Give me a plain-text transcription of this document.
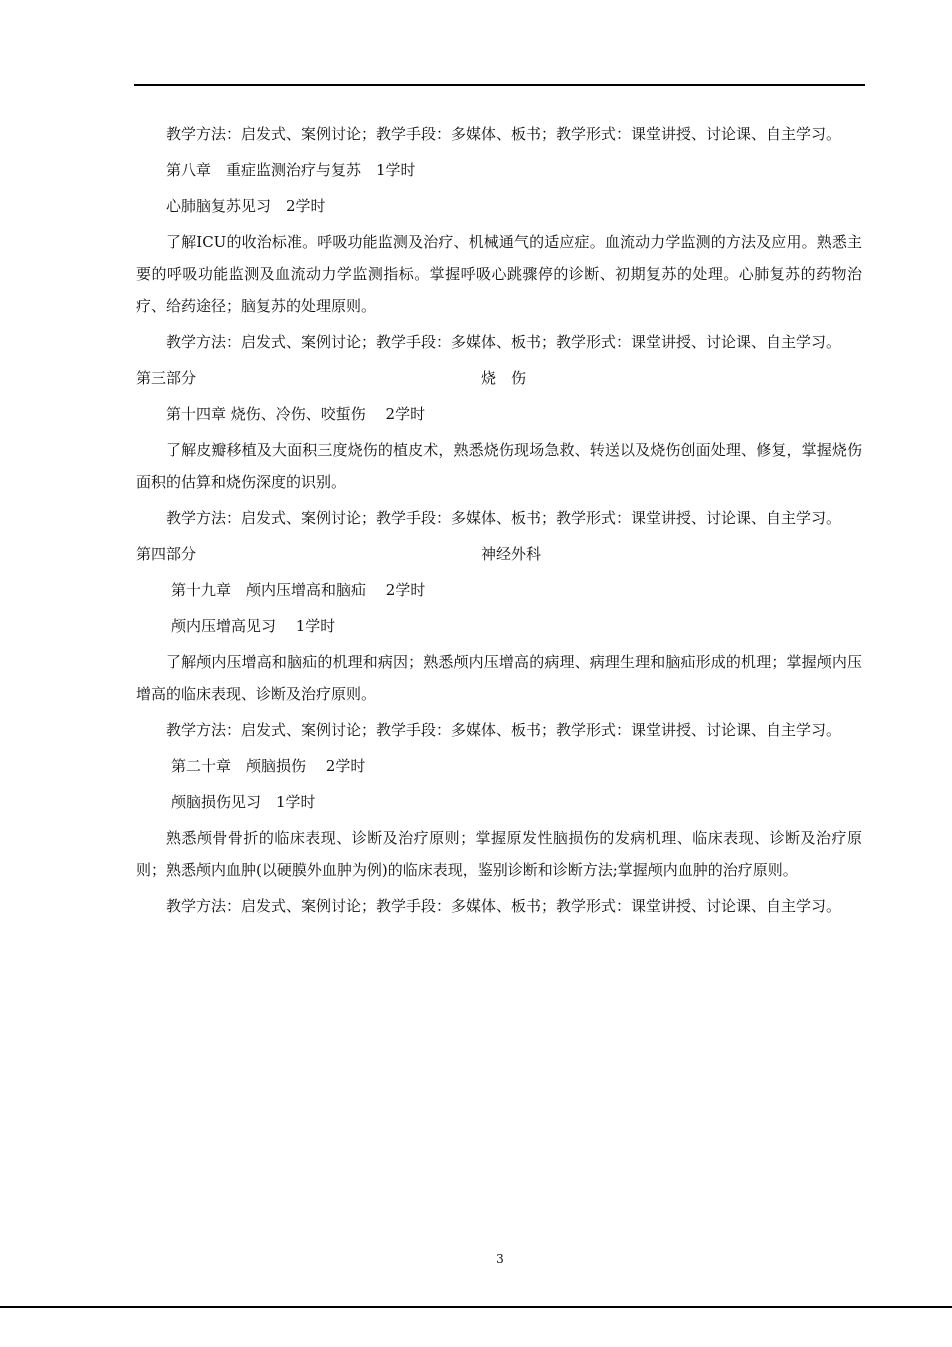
教学方法：启发式、案例讨论；教学手段：多媒体、板书；教学形式：课堂讲授、讨论课、自主学习。

第八章　重症监测治疗与复苏　1学时

心肺脑复苏见习　2学时

了解ICU的收治标准。呼吸功能监测及治疗、机械通气的适应症。血流动力学监测的方法及应用。熟悉主要的呼吸功能监测及血流动力学监测指标。掌握呼吸心跳骤停的诊断、初期复苏的处理。心肺复苏的药物治疗、给药途径；脑复苏的处理原则。

教学方法：启发式、案例讨论；教学手段：多媒体、板书；教学形式：课堂讲授、讨论课、自主学习。

第三部分	烧　伤

第十四章 烧伤、冷伤、咬蜇伤　 2学时

了解皮瓣移植及大面积三度烧伤的植皮术，熟悉烧伤现场急救、转送以及烧伤创面处理、修复，掌握烧伤面积的估算和烧伤深度的识别。

教学方法：启发式、案例讨论；教学手段：多媒体、板书；教学形式：课堂讲授、讨论课、自主学习。

第四部分	神经外科

第十九章　颅内压增高和脑疝　 2学时

颅内压增高见习　 1学时

了解颅内压增高和脑疝的机理和病因；熟悉颅内压增高的病理、病理生理和脑疝形成的机理；掌握颅内压增高的临床表现、诊断及治疗原则。

教学方法：启发式、案例讨论；教学手段：多媒体、板书；教学形式：课堂讲授、讨论课、自主学习。

第二十章　颅脑损伤　 2学时

颅脑损伤见习　1学时

熟悉颅骨骨折的临床表现、诊断及治疗原则；掌握原发性脑损伤的发病机理、临床表现、诊断及治疗原则；熟悉颅内血肿(以硬膜外血肿为例)的临床表现，鉴别诊断和诊断方法;掌握颅内血肿的治疗原则。

教学方法：启发式、案例讨论；教学手段：多媒体、板书；教学形式：课堂讲授、讨论课、自主学习。

3
